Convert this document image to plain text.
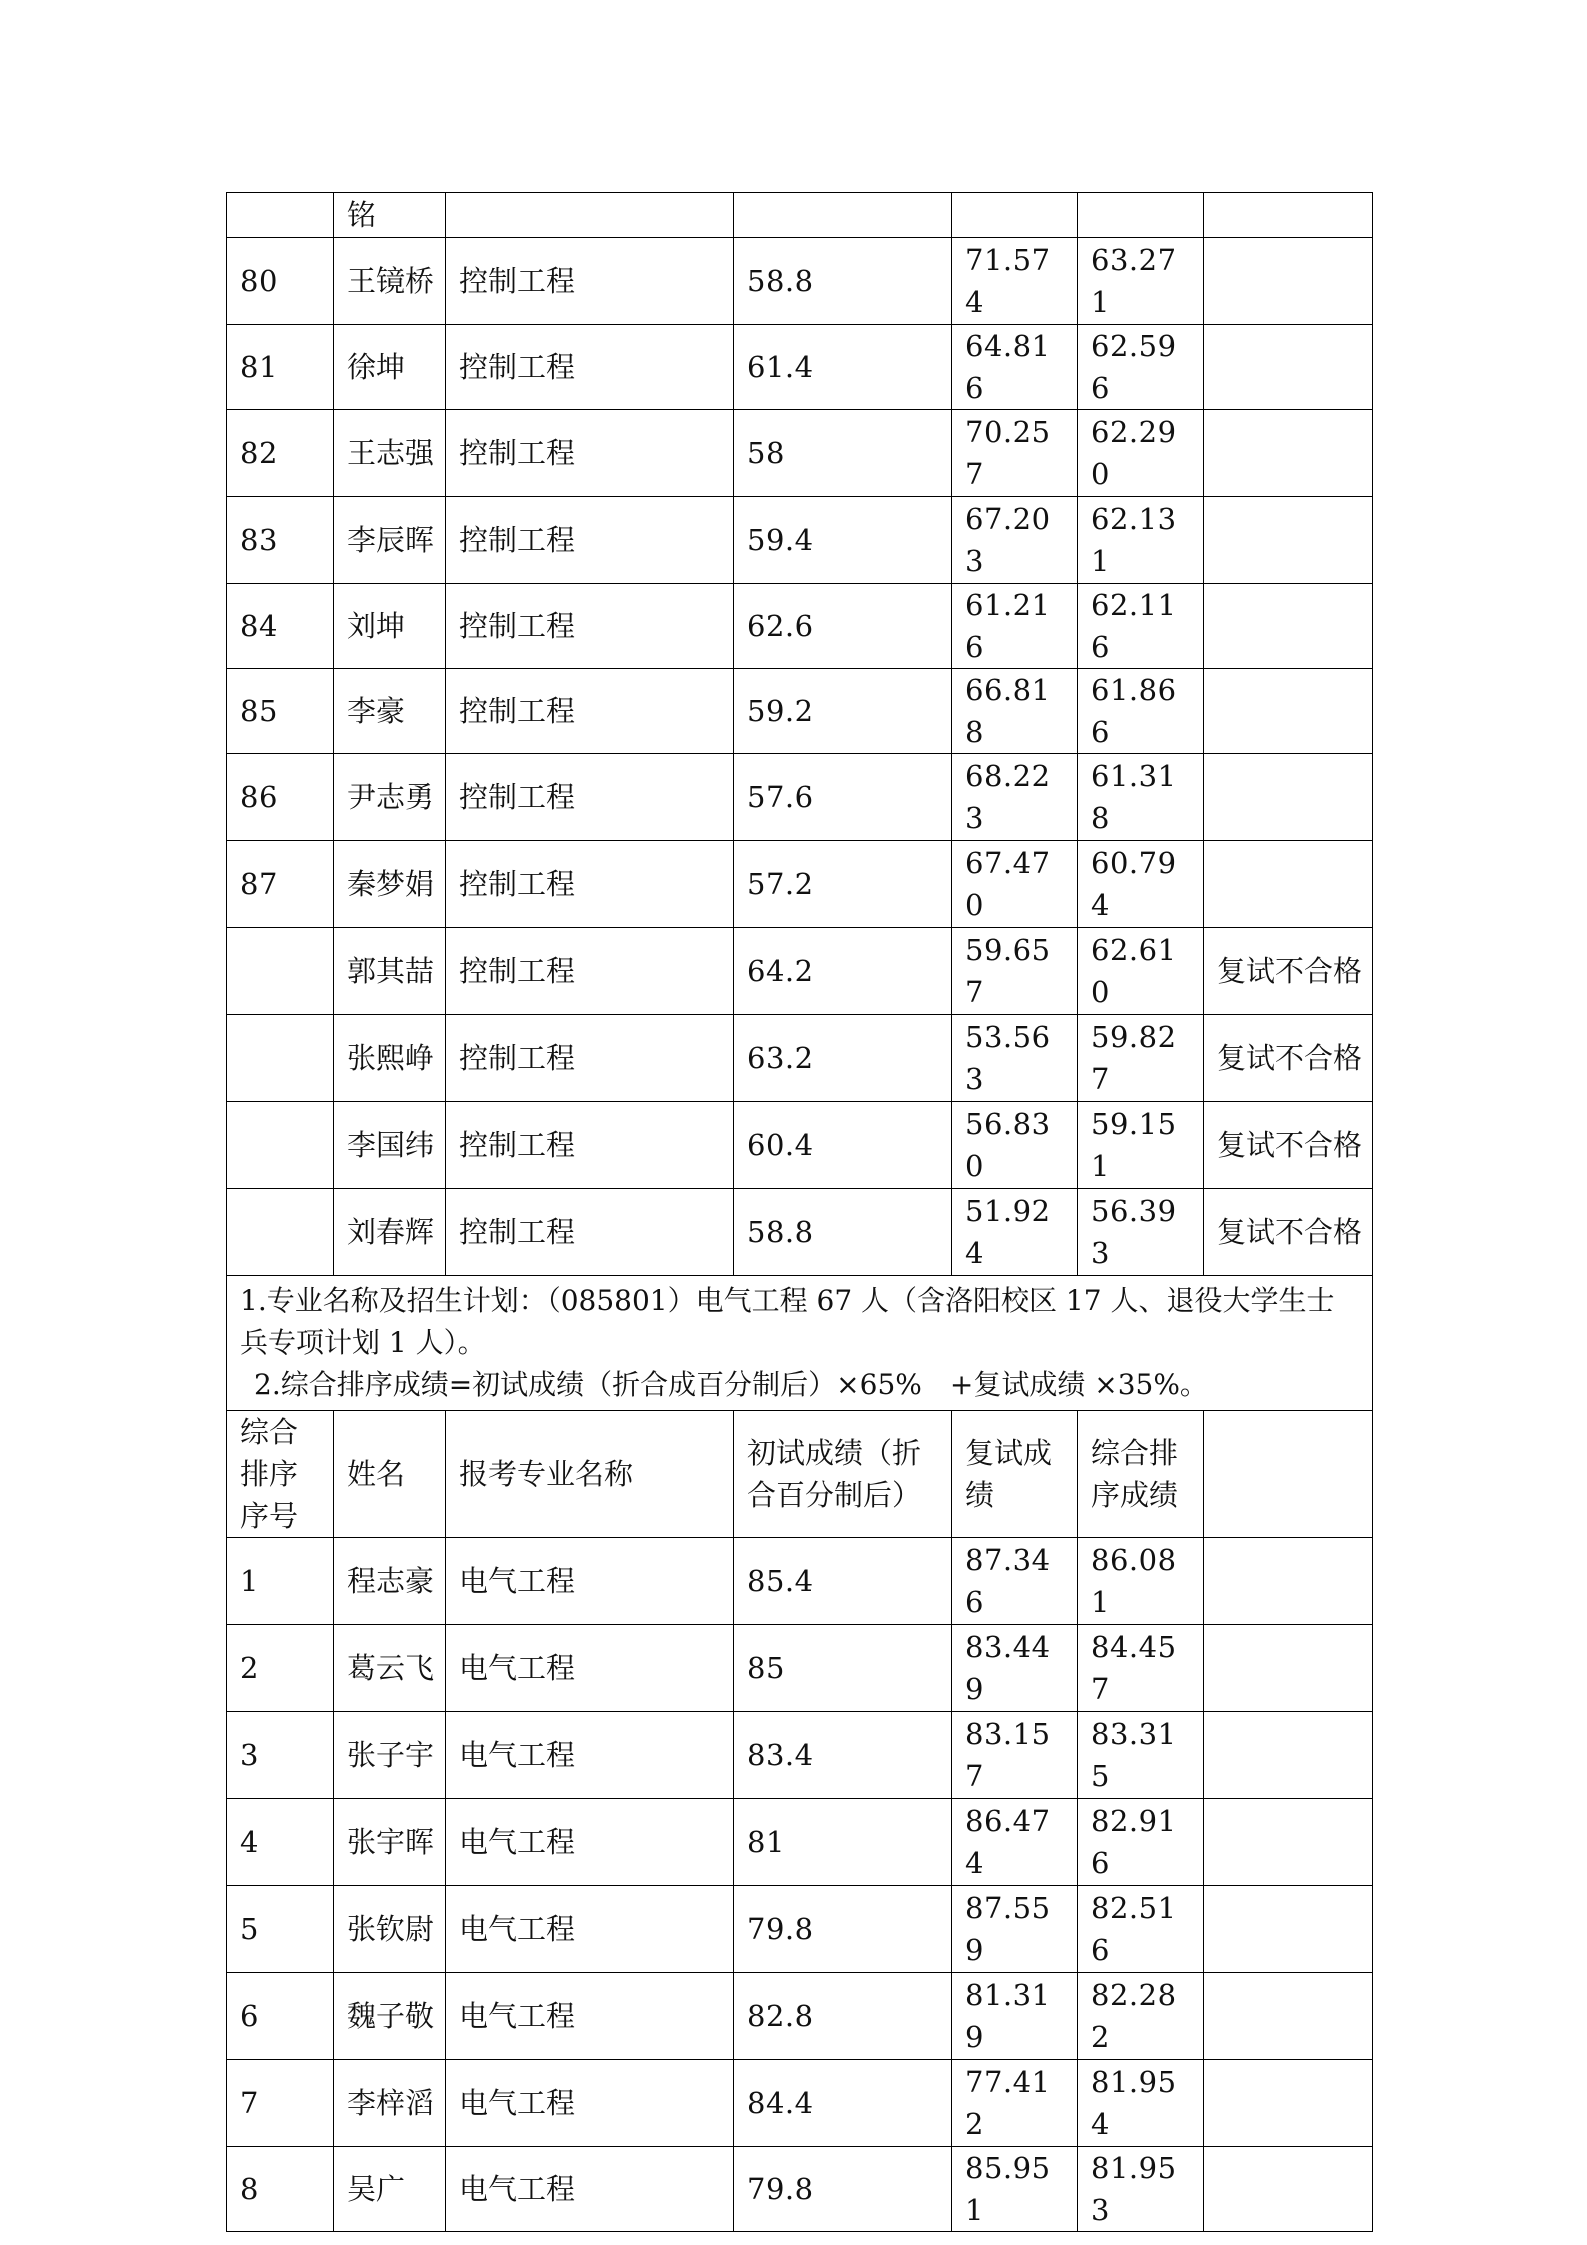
	铭					
80	王镜桥	控制工程	58.8	71.574	63.271	
81	徐坤	控制工程	61.4	64.816	62.596	
82	王志强	控制工程	58	70.257	62.290	
83	李辰晖	控制工程	59.4	67.203	62.131	
84	刘坤	控制工程	62.6	61.216	62.116	
85	李豪	控制工程	59.2	66.818	61.866	
86	尹志勇	控制工程	57.6	68.223	61.318	
87	秦梦娟	控制工程	57.2	67.470	60.794	
	郭其喆	控制工程	64.2	59.657	62.610	复试不合格
	张熙峥	控制工程	63.2	53.563	59.827	复试不合格
	李国纬	控制工程	60.4	56.830	59.151	复试不合格
	刘春辉	控制工程	58.8	51.924	56.393	复试不合格

1.专业名称及招生计划：（085801）电气工程 67 人（含洛阳校区 17 人、退役大学生士兵专项计划 1 人）。
2.综合排序成绩=初试成绩（折合成百分制后）×65%　+复试成绩 ×35%。						

综合排序序号	姓名	报考专业名称	初试成绩（折合百分制后）	复试成绩	综合排序成绩	
1	程志豪	电气工程	85.4	87.346	86.081	
2	葛云飞	电气工程	85	83.449	84.457	
3	张子宇	电气工程	83.4	83.157	83.315	
4	张宇晖	电气工程	81	86.474	82.916	
5	张钦尉	电气工程	79.8	87.559	82.516	
6	魏子敬	电气工程	82.8	81.319	82.282	
7	李梓滔	电气工程	84.4	77.412	81.954	
8	吴广	电气工程	79.8	85.951	81.953	
